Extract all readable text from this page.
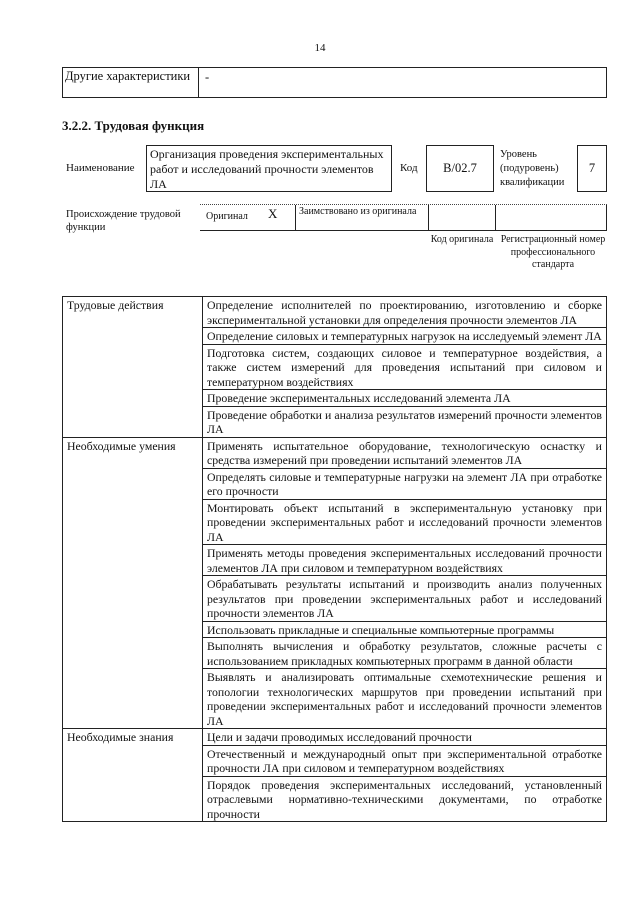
14
Другие характеристики	-
3.2.2. Трудовая функция
Наименование
Организация проведения экспериментальных работ и исследований прочности элементов ЛА
Код	B/02.7
Уровень (подуровень) квалификации
7
Происхождение трудовой функции
Оригинал X	Заимствовано из оригинала
Код оригинала Регистрационный номер профессионального стандарта
Трудовые действия	Определение исполнителей по проектированию, изготовлению и сборке экспериментальной установки для определения прочности элементов ЛА
	Определение силовых и температурных нагрузок на исследуемый элемент ЛА
	Подготовка систем, создающих силовое и температурное воздействия, а также систем измерений для проведения испытаний при силовом и температурном воздействиях
	Проведение экспериментальных исследований элемента ЛА
	Проведение обработки и анализа результатов измерений прочности элементов ЛА
Необходимые умения	Применять испытательное оборудование, технологическую оснастку и средства измерений при проведении испытаний элементов ЛА
	Определять силовые и температурные нагрузки на элемент ЛА при отработке его прочности
	Монтировать объект испытаний в экспериментальную установку при проведении экспериментальных работ и исследований прочности элементов ЛА
	Применять методы проведения экспериментальных исследований прочности элементов ЛА при силовом и температурном воздействиях
	Обрабатывать результаты испытаний и производить анализ полученных результатов при проведении экспериментальных работ и исследований прочности элементов ЛА
	Использовать прикладные и специальные компьютерные программы
	Выполнять вычисления и обработку результатов, сложные расчеты с использованием прикладных компьютерных программ в данной области
	Выявлять и анализировать оптимальные схемотехнические решения и топологии технологических маршрутов при проведении испытаний при проведении экспериментальных работ и исследований прочности элементов ЛА
Необходимые знания	Цели и задачи проводимых исследований прочности
	Отечественный и международный опыт при экспериментальной отработке прочности ЛА при силовом и температурном воздействиях
	Порядок проведения экспериментальных исследований, установленный отраслевыми нормативно-техническими документами, по отработке прочности
